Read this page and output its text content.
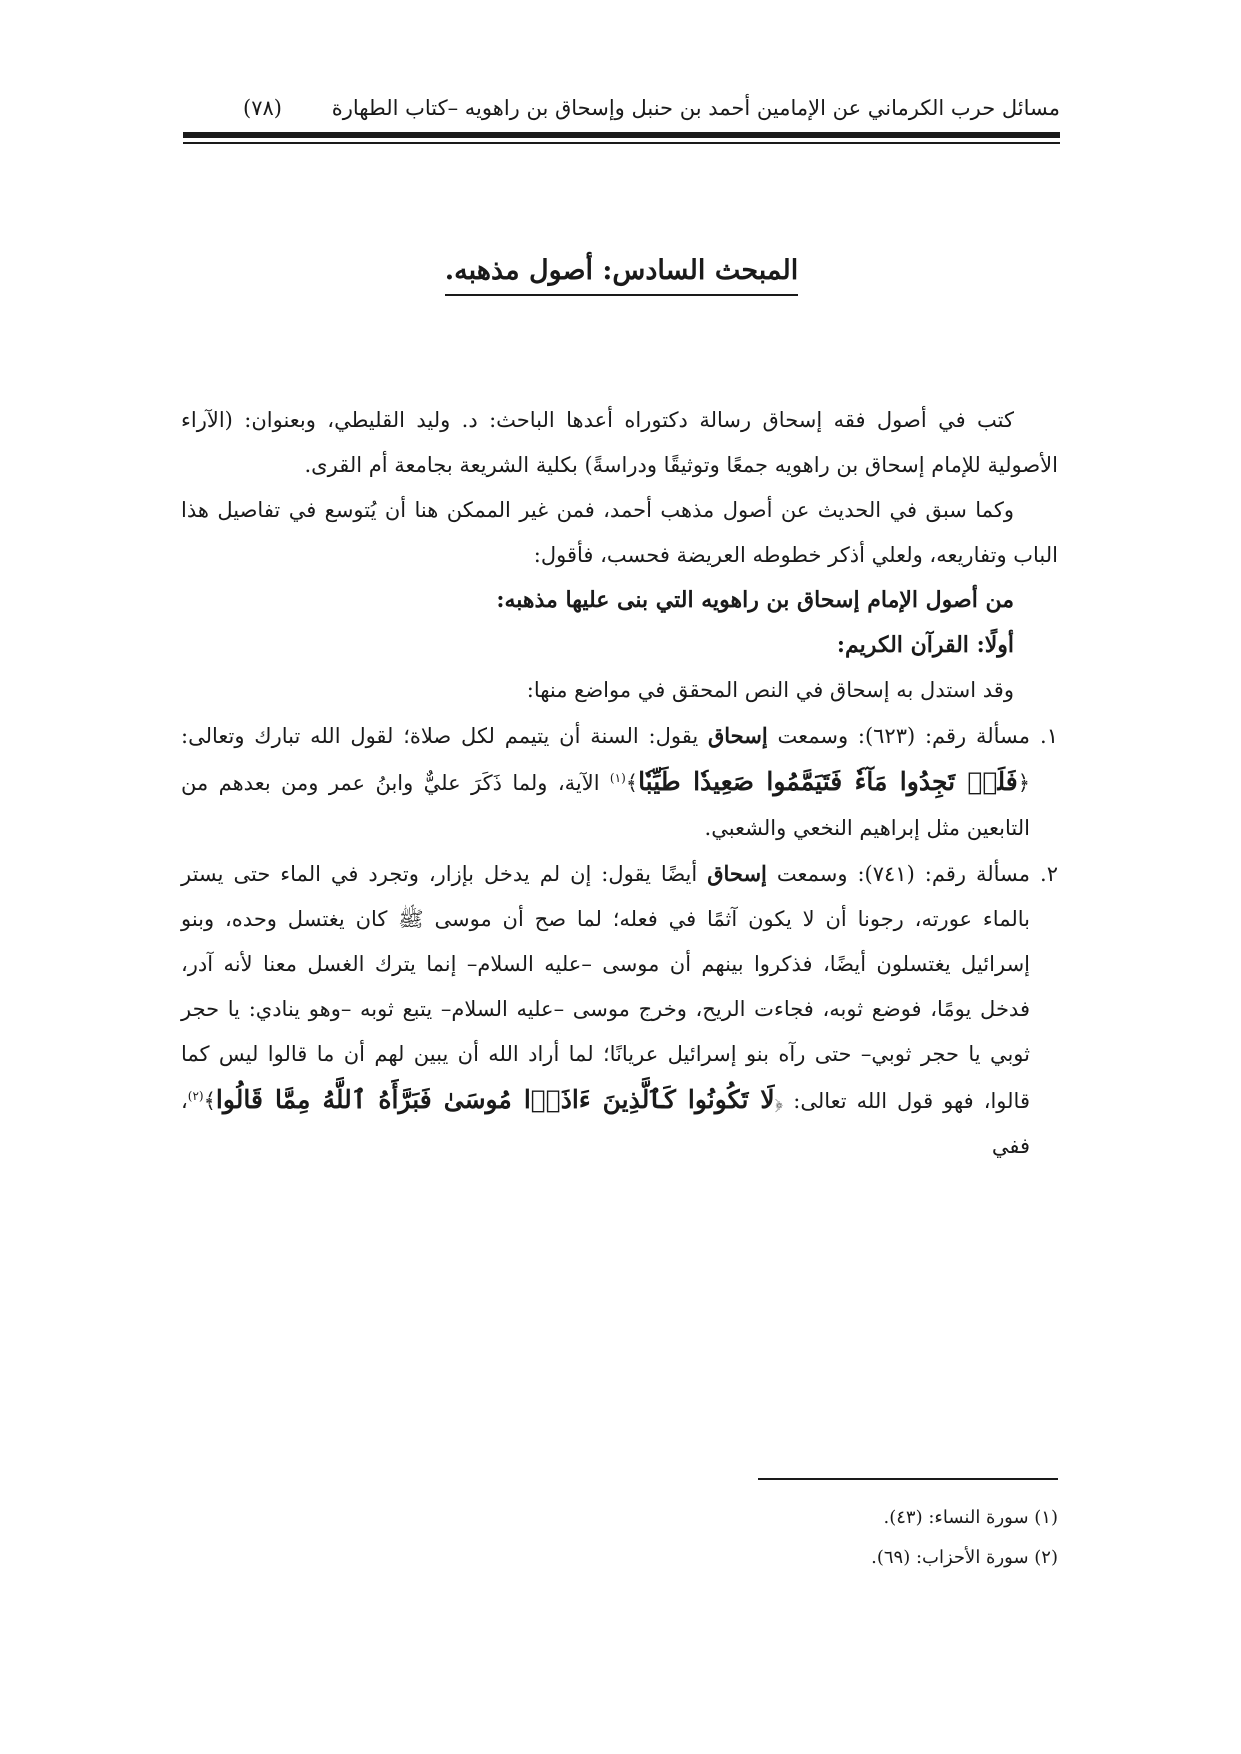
مسائل حرب الكرماني عن الإمامين أحمد بن حنبل وإسحاق بن راهويه –كتاب الطهارة
(٧٨)
المبحث السادس: أصول مذهبه.

كتب في أصول فقه إسحاق رسالة دكتوراه أعدها الباحث: د. وليد القليطي، وبعنوان: (الآراء الأصولية للإمام إسحاق بن راهويه جمعًا وتوثيقًا ودراسةً) بكلية الشريعة بجامعة أم القرى.

وكما سبق في الحديث عن أصول مذهب أحمد، فمن غير الممكن هنا أن يُتوسع في تفاصيل هذا الباب وتفاريعه، ولعلي أذكر خطوطه العريضة فحسب، فأقول:

من أصول الإمام إسحاق بن راهويه التي بنى عليها مذهبه:

أولًا: القرآن الكريم:

وقد استدل به إسحاق في النص المحقق في مواضع منها:

١.مسألة رقم: (٦٢٣): وسمعت إسحاق يقول: السنة أن يتيمم لكل صلاة؛ لقول الله تبارك وتعالى: ﴿فَلَمۡ تَجِدُوا مَآءٗ فَتَيَمَّمُوا صَعِيدٗا طَيِّبٗا﴾$^{(١)}$ الآية، ولما ذَكَرَ عليٌّ وابنُ عمر ومن بعدهم من التابعين مثل إبراهيم النخعي والشعبي.

٢.مسألة رقم: (٧٤١): وسمعت إسحاق أيضًا يقول: إن لم يدخل بإزار، وتجرد في الماء حتى يستر بالماء عورته، رجونا أن لا يكون آثمًا في فعله؛ لما صح أن موسى ﷺ كان يغتسل وحده، وبنو إسرائيل يغتسلون أيضًا، فذكروا بينهم أن موسى –عليه السلام– إنما يترك الغسل معنا لأنه آدر، فدخل يومًا، فوضع ثوبه، فجاءت الريح، وخرج موسى –عليه السلام– يتبع ثوبه –وهو ينادي: يا حجر ثوبي يا حجر ثوبي– حتى رآه بنو إسرائيل عريانًا؛ لما أراد الله أن يبين لهم أن ما قالوا ليس كما قالوا، فهو قول الله تعالى: ﴿لَا تَكُونُوا كَٱلَّذِينَ ءَاذَوۡا مُوسَىٰ فَبَرَّأَهُ ٱللَّهُ مِمَّا قَالُوا﴾$^{(٢)}$، ففي

(١) سورة النساء: (٤٣).

(٢) سورة الأحزاب: (٦٩).
